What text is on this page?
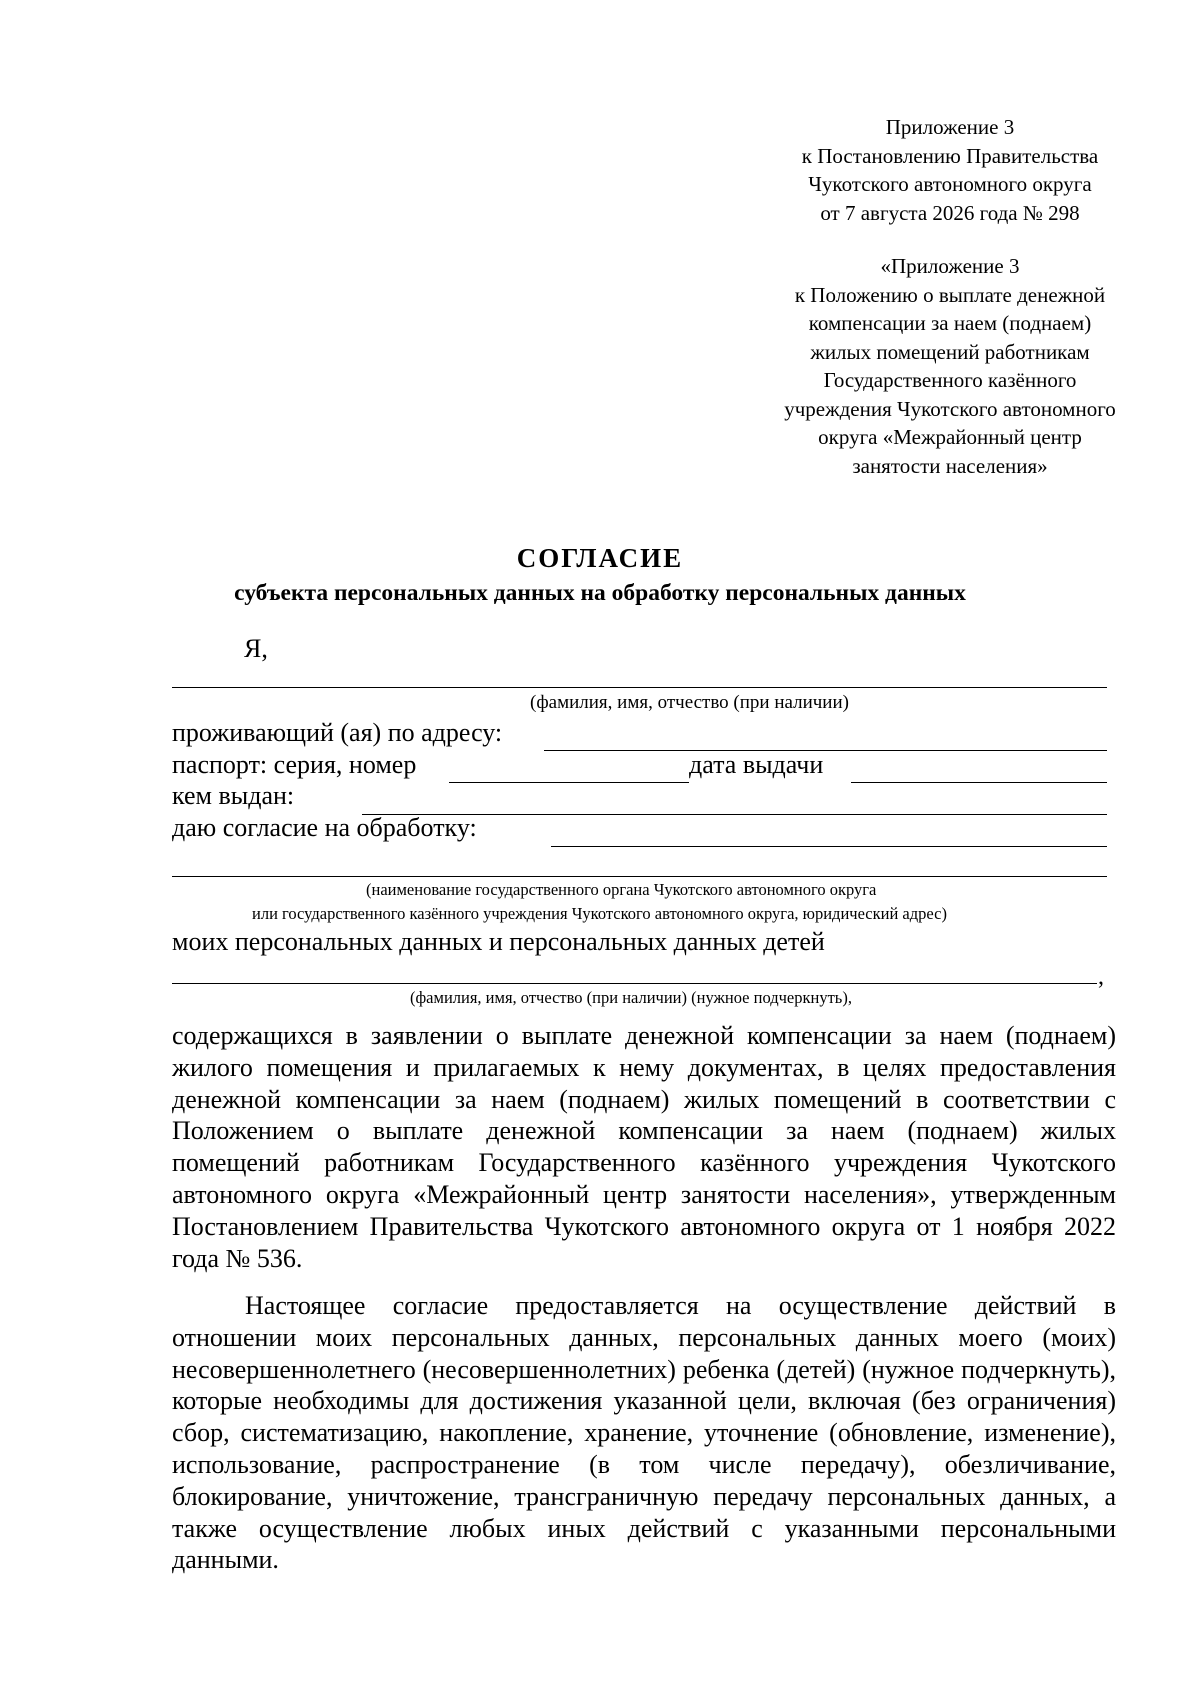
Приложение 3
к Постановлению Правительства
Чукотского автономного округа
от 7 августа 2026 года № 298
«Приложение 3
к Положению о выплате денежной
компенсации за наем (поднаем)
жилых помещений работникам
Государственного казённого
учреждения Чукотского автономного
округа «Межрайонный центр
занятости населения»
СОГЛАСИЕ
субъекта персональных данных на обработку персональных данных
Я,
(фамилия, имя, отчество (при наличии)
проживающий (ая) по адресу:
паспорт: серия, номер	дата выдачи
кем выдан:
даю согласие на обработку:
(наименование государственного органа Чукотского автономного округа
или государственного казённого учреждения Чукотского автономного округа, юридический адрес)
моих персональных данных и персональных данных детей
,
(фамилия, имя, отчество (при наличии) (нужное подчеркнуть),

содержащихся в заявлении о выплате денежной компенсации за наем (поднаем) жилого помещения и прилагаемых к нему документах, в целях предоставления денежной компенсации за наем (поднаем) жилых помещений в соответствии с Положением о выплате денежной компенсации за наем (поднаем) жилых помещений работникам Государственного казённого учреждения Чукотского автономного округа «Межрайонный центр занятости населения», утвержденным Постановлением Правительства Чукотского автономного округа от 1 ноября 2022 года № 536.

Настоящее согласие предоставляется на осуществление действий в отношении моих персональных данных, персональных данных моего (моих) несовершеннолетнего (несовершеннолетних) ребенка (детей) (нужное подчеркнуть), которые необходимы для достижения указанной цели, включая (без ограничения) сбор, систематизацию, накопление, хранение, уточнение (обновление, изменение), использование, распространение (в том числе передачу), обезличивание, блокирование, уничтожение, трансграничную передачу персональных данных, а также осуществление любых иных действий с указанными персональными данными.
